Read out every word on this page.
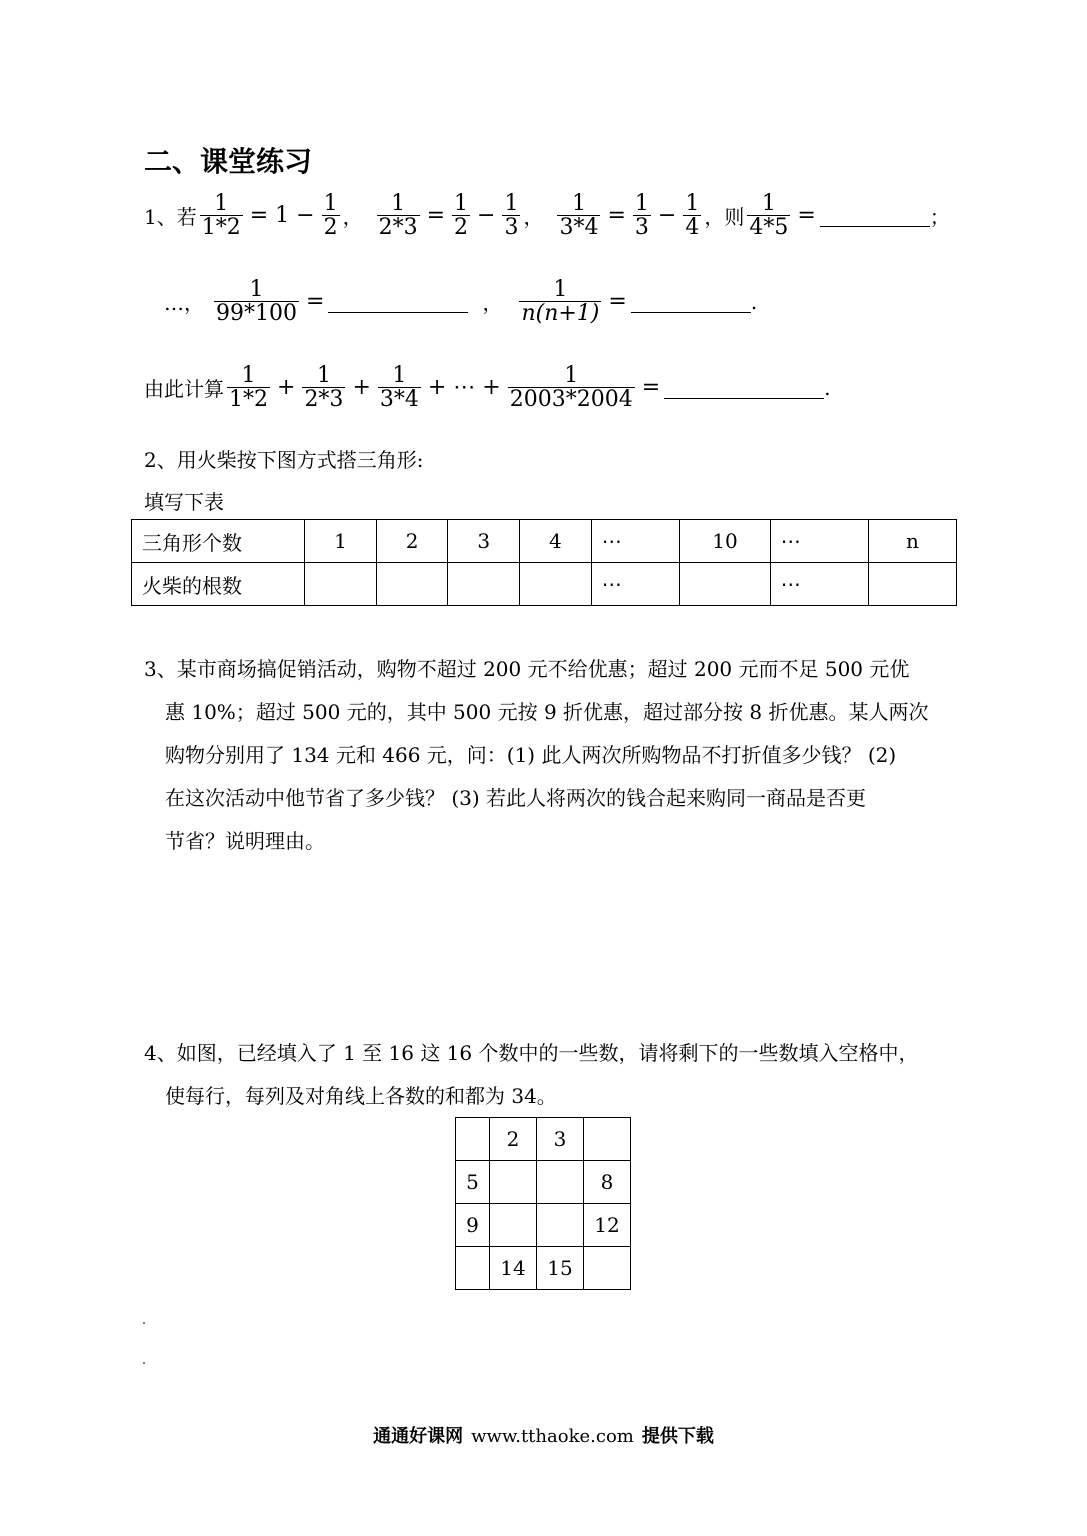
二、课堂练习
1、若 $\frac{1}{1*2} = 1 - \frac{1}{2}$ ， $\frac{1}{2*3} = \frac{1}{2} - \frac{1}{3}$ ， $\frac{1}{3*4} = \frac{1}{3} - \frac{1}{4}$ ， 则 $\frac{1}{4*5}$ =	；
…， $\frac{1}{99*100}$ =	， $\frac{1}{n(n+1)}$ =	.
由此计算 $\frac{1}{1*2} + \frac{1}{2*3} + \frac{1}{3*4}$ + ⋯ + $\frac{1}{2003*2004}$ =	.
2、用火柴按下图方式搭三角形:
填写下表
三角形个数	1	2	3	4	⋯	10	⋯	n
火柴的根数					⋯		⋯	
3、某市商场搞促销活动，购物不超过 200 元不给优惠；超过 200 元而不足 500 元优
惠 10%；超过 500 元的，其中 500 元按 9 折优惠，超过部分按 8 折优惠。某人两次
购物分别用了 134 元和 466 元，问：(1) 此人两次所购物品不打折值多少钱？ (2)
在这次活动中他节省了多少钱？ (3) 若此人将两次的钱合起来购同一商品是否更
节省？说明理由。
4、如图，已经填入了 1 至 16 这 16 个数中的一些数，请将剩下的一些数填入空格中，
使每行，每列及对角线上各数的和都为 34。
	2	3	
5			8
9			12
	14	15	
通通好课网 www.tthaoke.com 提供下载
